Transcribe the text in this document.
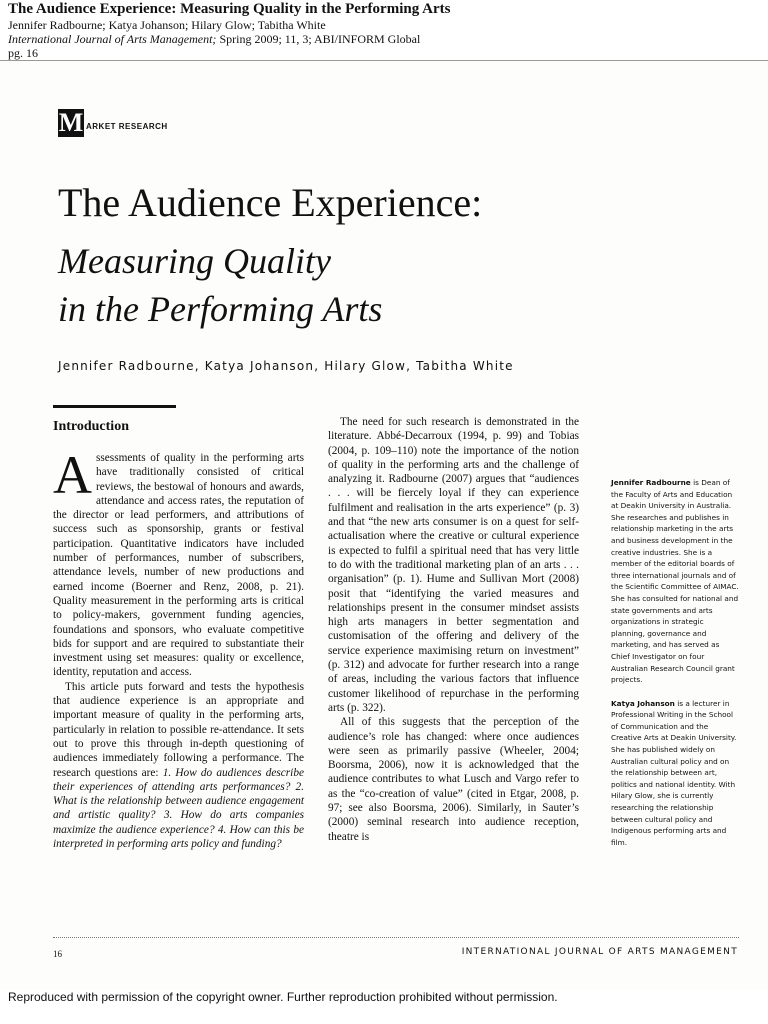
The Audience Experience: Measuring Quality in the Performing Arts
Jennifer Radbourne; Katya Johanson; Hilary Glow; Tabitha White
International Journal of Arts Management; Spring 2009; 11, 3; ABI/INFORM Global
pg. 16
M ARKET RESEARCH
The Audience Experience:
Measuring Quality
in the Performing Arts
Jennifer Radbourne, Katya Johanson, Hilary Glow, Tabitha White
Introduction

Assessments of quality in the performing arts have traditionally consisted of critical reviews, the bestowal of honours and awards, attendance and access rates, the reputation of the director or lead performers, and attributions of success such as sponsorship, grants or festival participation. Quantitative indicators have included number of performances, number of subscribers, attendance levels, number of new productions and earned income (Boerner and Renz, 2008, p. 21). Quality measurement in the performing arts is critical to policy-makers, government funding agencies, foundations and sponsors, who evaluate competitive bids for support and are required to substantiate their investment using set measures: quality or excellence, identity, reputation and access.

This article puts forward and tests the hypothesis that audience experience is an appropriate and important measure of quality in the performing arts, particularly in relation to possible re-attendance. It sets out to prove this through in-depth questioning of audiences immediately following a performance. The research questions are: 1. How do audiences describe their experiences of attending arts performances? 2. What is the relationship between audience engagement and artistic quality? 3. How do arts companies maximize the audience experience? 4. How can this be interpreted in performing arts policy and funding?

The need for such research is demonstrated in the literature. Abbé-Decarroux (1994, p. 99) and Tobias (2004, p. 109–110) note the importance of the notion of quality in the performing arts and the challenge of analyzing it. Radbourne (2007) argues that “audiences . . . will be fiercely loyal if they can experience fulfilment and realisation in the arts experience” (p. 3) and that “the new arts consumer is on a quest for self-actualisation where the creative or cultural experience is expected to fulfil a spiritual need that has very little to do with the traditional marketing plan of an arts . . . organisation” (p. 1). Hume and Sullivan Mort (2008) posit that “identifying the varied measures and relationships present in the consumer mindset assists high arts managers in better segmentation and customisation of the offering and delivery of the service experience maximising return on investment” (p. 312) and advocate for further research into a range of areas, including the various factors that influence customer likelihood of repurchase in the performing arts (p. 322).

All of this suggests that the perception of the audience’s role has changed: where once audiences were seen as primarily passive (Wheeler, 2004; Boorsma, 2006), now it is acknowledged that the audience contributes to what Lusch and Vargo refer to as the “co-creation of value” (cited in Etgar, 2008, p. 97; see also Boorsma, 2006). Similarly, in Sauter’s (2000) seminal research into audience reception, theatre is

Jennifer Radbourne is Dean of the Faculty of Arts and Education at Deakin University in Australia. She researches and publishes in relationship marketing in the arts and business development in the creative industries. She is a member of the editorial boards of three international journals and of the Scientific Committee of AIMAC. She has consulted for national and state governments and arts organizations in strategic planning, governance and marketing, and has served as Chief Investigator on four Australian Research Council grant projects.

Katya Johanson is a lecturer in Professional Writing in the School of Communication and the Creative Arts at Deakin University. She has published widely on Australian cultural policy and on the relationship between art, politics and national identity. With Hilary Glow, she is currently researching the relationship between cultural policy and Indigenous performing arts and film.

16	INTERNATIONAL JOURNAL OF ARTS MANAGEMENT
Reproduced with permission of the copyright owner. Further reproduction prohibited without permission.
